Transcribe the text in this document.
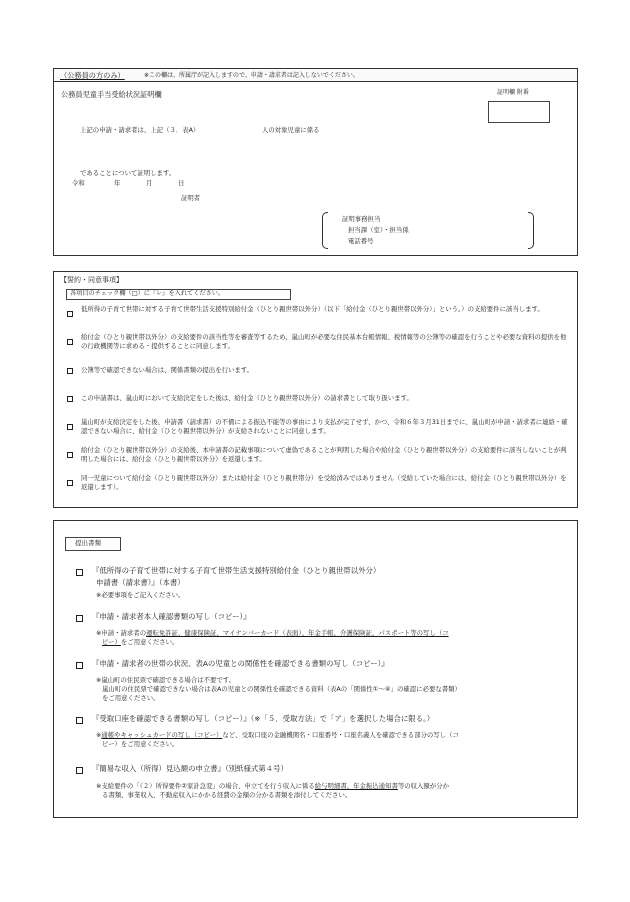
（公務員の方のみ）	※この欄は、所属庁が記入しますので、申請・請求者は記入しないでください。
公務員児童手当受給状況証明欄	証明欄 附番
上記の申請・請求者は、上記（３．表A）	人の対象児童に係る
であることについて証明します。
令和	年	月	日
証明者
証明事務担当
担当課（室）・担当係
電話番号
【誓約・同意事項】
各項目のチェック欄（□）に『レ』を入れてください。
低所得の子育て世帯に対する子育て世帯生活支援特別給付金（ひとり親世帯以外分）（以下「給付金（ひとり親世帯以外分）」という。）の支給要件に該当します。
給付金（ひとり親世帯以外分）の支給要件の該当性等を審査等するため、嵐山町が必要な住民基本台帳情報、税情報等の公簿等の確認を行うことや必要な資料の提供を他の行政機関等に求める・提供することに同意します。
公簿等で確認できない場合は、関係書類の提出を行います。
この申請書は、嵐山町において支給決定をした後は、給付金（ひとり親世帯以外分）の請求書として取り扱います。
嵐山町が支給決定をした後、申請書（請求書）の不備による振込不能等の事由により支払が完了せず、かつ、令和６年３月31日までに、嵐山町が申請・請求者に連絡・確認できない場合に、給付金（ひとり親世帯以外分）が支給されないことに同意します。
給付金（ひとり親世帯以外分）の支給後、本申請書の記載事項について虚偽であることが判明した場合や給付金（ひとり親世帯以外分）の支給要件に該当しないことが判明した場合には、給付金（ひとり親世帯以外分）を返還します。
同一児童について給付金（ひとり親世帯以外分）または給付金（ひとり親世帯分）を受給済みではありません（受給していた場合には、給付金（ひとり親世帯以外分）を返還します）。
提出書類
『低所得の子育て世帯に対する子育て世帯生活支援特別給付金（ひとり親世帯以外分）
申請書（請求書）』（本書）
※必要事項をご記入ください。
『申請・請求者本人確認書類の写し（コピー）』
※申請・請求者の運転免許証、健康保険証、マイナンバーカード（表面）、年金手帳、介護保険証、パスポート等の写し（コ
ピー）をご用意ください。
『申請・請求者の世帯の状況、表Aの児童との関係性を確認できる書類の写し（コピー）』
※嵐山町の住民票で確認できる場合は不要です。
嵐山町の住民票で確認できない場合は表Aの児童との関係性を確認できる資料（表Aの「関係性①～④」の確認に必要な書類）
をご用意ください。
『受取口座を確認できる書類の写し（コピー）』（※「５．受取方法」で「ア」を選択した場合に限る。）
※通帳やキャッシュカードの写し（コピー）など、受取口座の金融機関名・口座番号・口座名義人を確認できる部分の写し（コ
ピー）をご用意ください。
『簡易な収入（所得）見込額の申立書』（別紙様式第４号）
※支給要件の「（２）所得要件②家計急変」の場合、申立てを行う収入に係る給与明細書、年金振込通知書等の収入額が分か
る書類、事業収入、不動産収入にかかる経費の金額の分かる書類を添付してください。
